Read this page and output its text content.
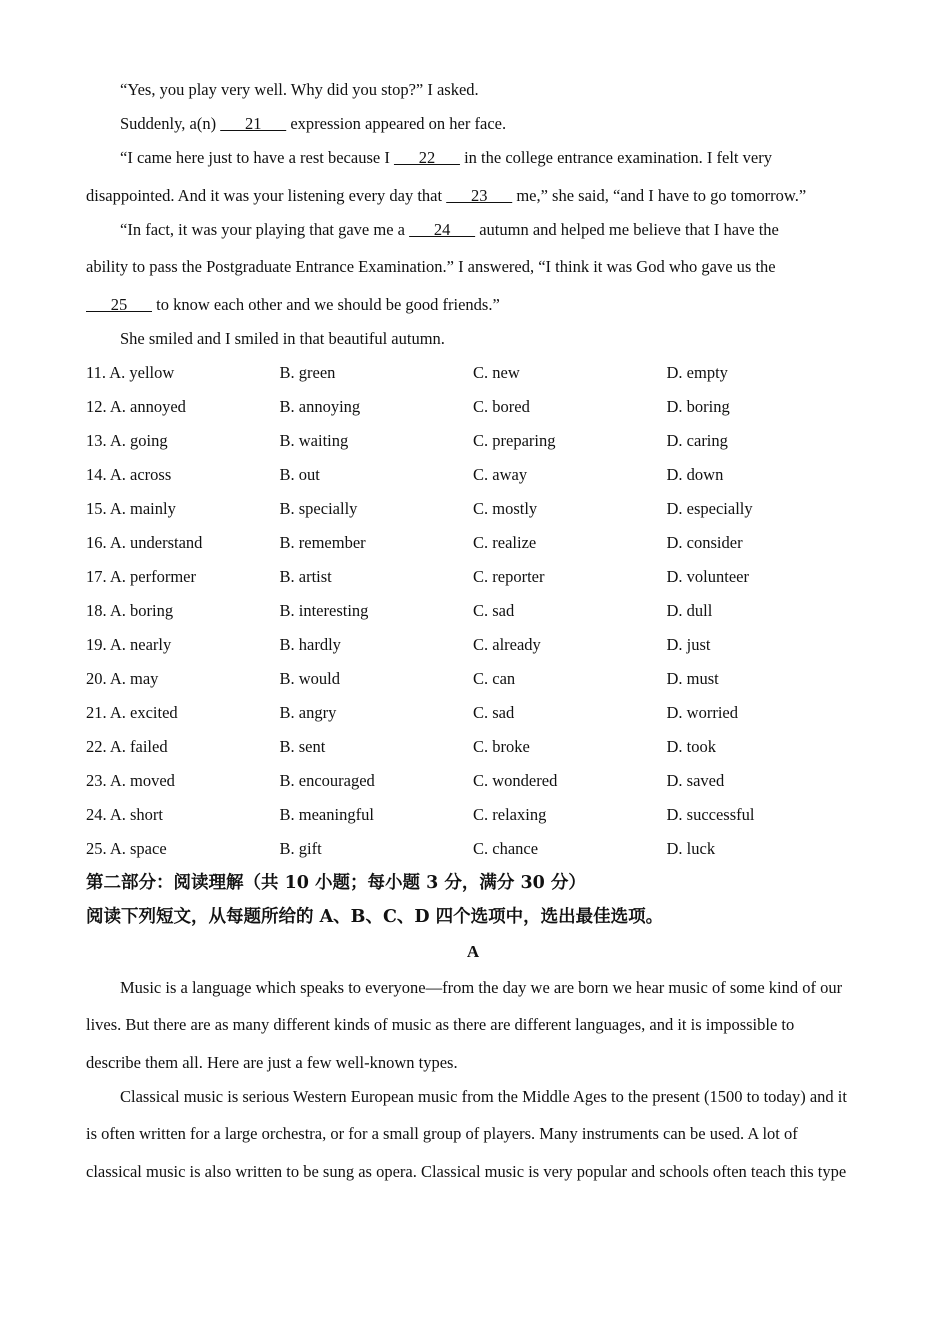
“Yes, you play very well. Why did you stop?” I asked.

Suddenly, a(n)       21       expression appeared on her face.

“I came here just to have a rest because I       22       in the college entrance examination. I felt very

disappointed. And it was your listening every day that       23       me,” she said, “and I have to go tomorrow.”

“In fact, it was your playing that gave me a       24       autumn and helped me believe that I have the

ability to pass the Postgraduate Entrance Examination.” I answered, “I think it was God who gave us the

25       to know each other and we should be good friends.”

She smiled and I smiled in that beautiful autumn.

11. A. yellow	B. green	C. new	D. empty
12. A. annoyed	B. annoying	C. bored	D. boring
13. A. going	B. waiting	C. preparing	D. caring
14. A. across	B. out	C. away	D. down
15. A. mainly	B. specially	C. mostly	D. especially
16. A. understand	B. remember	C. realize	D. consider
17. A. performer	B. artist	C. reporter	D. volunteer
18. A. boring	B. interesting	C. sad	D. dull
19. A. nearly	B. hardly	C. already	D. just
20. A. may	B. would	C. can	D. must
21. A. excited	B. angry	C. sad	D. worried
22. A. failed	B. sent	C. broke	D. took
23. A. moved	B. encouraged	C. wondered	D. saved
24. A. short	B. meaningful	C. relaxing	D. successful
25. A. space	B. gift	C. chance	D. luck

第二部分：阅读理解（共 10 小题；每小题 3 分，满分 30 分）

阅读下列短文，从每题所给的 A、B、C、D 四个选项中，选出最佳选项。

A

Music is a language which speaks to everyone—from the day we are born we hear music of some kind of our

lives. But there are as many different kinds of music as there are different languages, and it is impossible to

describe them all. Here are just a few well-known types.

Classical music is serious Western European music from the Middle Ages to the present (1500 to today) and it

is often written for a large orchestra, or for a small group of players. Many instruments can be used. A lot of

classical music is also written to be sung as opera. Classical music is very popular and schools often teach this type
